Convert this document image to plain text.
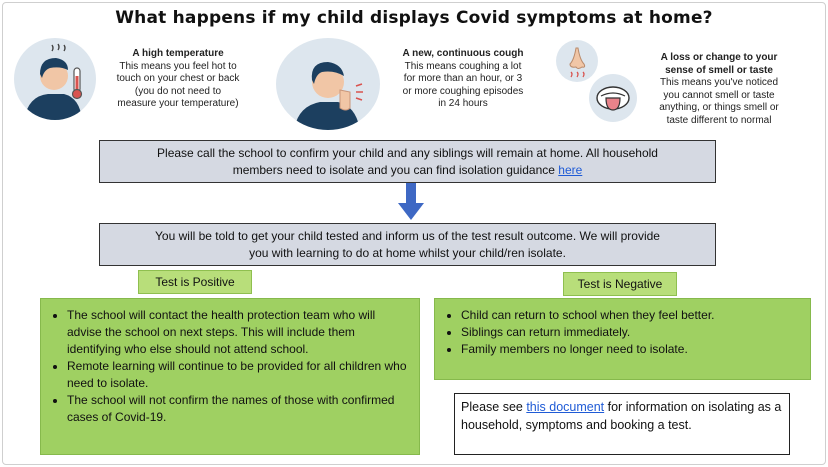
What happens if my child displays Covid symptoms at home?
A high temperature
This means you feel hot to
touch on your chest or back
(you do not need to
measure your temperature)
A new, continuous cough
This means coughing a lot
for more than an hour, or 3
or more coughing episodes
in 24 hours
A loss or change to your
sense of smell or taste
This means you've noticed
you cannot smell or taste
anything, or things smell or
taste different to normal
Please call the school to confirm your child and any siblings will remain at home. All household
members need to isolate and you can find isolation guidance here
You will be told to get your child tested and inform us of the test result outcome. We will provide
you with learning to do at home whilst your child/ren isolate.
Test is Positive
• The school will contact the health protection team who will advise the school on next steps. This will include them identifying who else should not attend school.
• Remote learning will continue to be provided for all children who need to isolate.
• The school will not confirm the names of those with confirmed cases of Covid-19.
Test is Negative
• Child can return to school when they feel better.
• Siblings can return immediately.
• Family members no longer need to isolate.
Please see this document for information on isolating as a household, symptoms and booking a test.
